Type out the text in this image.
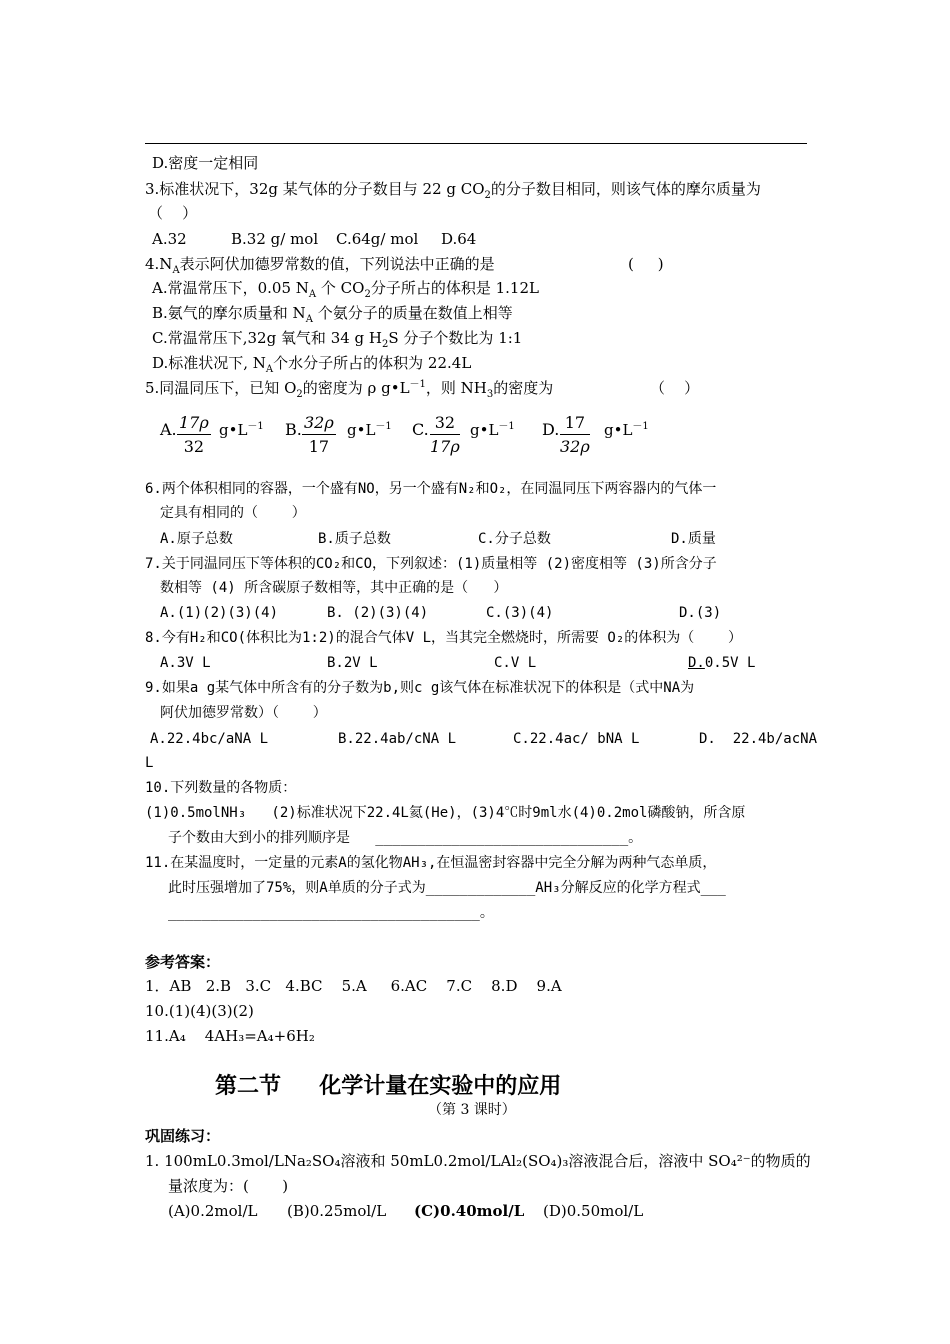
D.密度一定相同
3.标准状况下，32g 某气体的分子数目与 22 g $CO_2$的分子数目相同，则该气体的摩尔质量为
（    ）
A.32	B.32 g/ mol C.64g/ mol D.64
$4.N_A$表示阿伏加德罗常数的值，下列说法中正确的是	(     )
A.常温常压下，0.05 $N_A$ 个 $CO_2$分子所占的体积是 1.12L
B.氨气的摩尔质量和 $N_A$ 个氨分子的质量在数值上相等
C.常温常压下,32g 氧气和 34 g $H_2S$ 分子个数比为 1:1
D.标准状况下, $N_A$个水分子所占的体积为 22.4L
5.同温同压下，已知 $O_2$的密度为 ρ $g•L^{-1}$，则 $NH_3$的密度为	（    ）
A. $\frac{17\rho}{32}$ $g•L^{-1}$ B. $\frac{32\rho}{17}$ $g•L^{-1}$ C. $\frac{32}{17\rho}$ $g•L^{-1}$ D. $\frac{17}{32\rho}$ $g•L^{-1}$
6.两个体积相同的容器，一个盛有NO，另一个盛有N₂和O₂，在同温同压下两容器内的气体一
定具有相同的（    ）
A.原子总数	B.质子总数	C.分子总数	D.质量
7.关于同温同压下等体积的CO₂和CO，下列叙述：(1)质量相等 (2)密度相等 (3)所含分子
数相等 (4) 所含碳原子数相等，其中正确的是（   ）
A.(1)(2)(3)(4)	B. (2)(3)(4)	C.(3)(4)	D.(3)
8.今有H₂和CO(体积比为1:2)的混合气体V L，当其完全燃烧时，所需要 O₂的体积为（    ）
A.3V L	B.2V L	C.V L	D.0.5V L
9.如果a g某气体中所含有的分子数为b,则c g该气体在标准状况下的体积是（式中NA为
阿伏加德罗常数）（    ）
A.22.4bc/aNA L	B.22.4ab/cNA L	C.22.4ac/ bNA L	D.  22.4b/acNA
L
10.下列数量的各物质：
(1)0.5molNH₃   (2)标准状况下22.4L氦(He)，(3)4℃时9ml水(4)0.2mol磷酸钠，所含原
子个数由大到小的排列顺序是   ______________________________。
11.在某温度时，一定量的元素A的氢化物AH₃,在恒温密封容器中完全分解为两种气态单质，
此时压强增加了75%，则A单质的分子式为_____________AH₃分解反应的化学方程式___
_____________________________________。
参考答案：
1．AB   2.B   3.C   4.BC    5.A     6.AC    7.C    8.D    9.A
10.(1)(4)(3)(2)
11.A₄    4AH₃=A₄+6H₂
第二节     化学计量在实验中的应用
（第 3 课时）
巩固练习：
1. 100mL0.3mol/LNa₂SO₄溶液和 50mL0.2mol/LAl₂(SO₄)₃溶液混合后，溶液中 SO₄²⁻的物质的
量浓度为：(       )
(A)0.2mol/L (B)0.25mol/L (C)0.40mol/L (D)0.50mol/L
